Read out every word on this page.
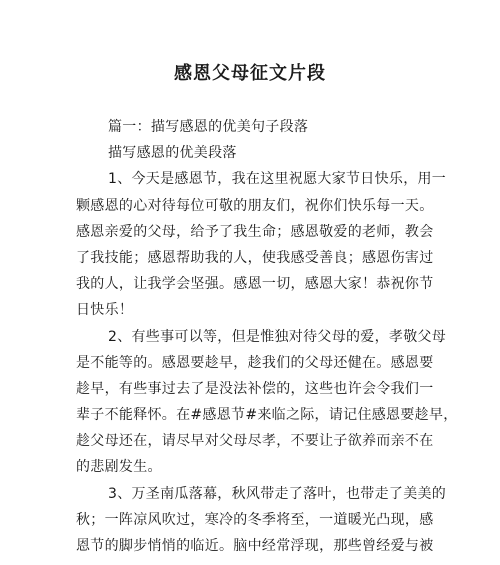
感恩父母征文片段
篇一：描写感恩的优美句子段落
描写感恩的优美段落
1、今天是感恩节，我在这里祝愿大家节日快乐，用一
颗感恩的心对待每位可敬的朋友们，祝你们快乐每一天。
感恩亲爱的父母，给予了我生命；感恩敬爱的老师，教会
了我技能；感恩帮助我的人，使我感受善良；感恩伤害过
我的人，让我学会坚强。感恩一切，感恩大家！恭祝你节
日快乐！
2、有些事可以等，但是惟独对待父母的爱，孝敬父母
是不能等的。感恩要趁早，趁我们的父母还健在。感恩要
趁早，有些事过去了是没法补偿的，这些也许会令我们一
辈子不能释怀。在#感恩节#来临之际，请记住感恩要趁早，
趁父母还在，请尽早对父母尽孝，不要让子欲养而亲不在
的悲剧发生。
3、万圣南瓜落幕，秋风带走了落叶，也带走了美美的
秋；一阵凉风吹过，寒冷的冬季将至，一道暖光凸现，感
恩节的脚步悄悄的临近。脑中经常浮现，那些曾经爱与被
